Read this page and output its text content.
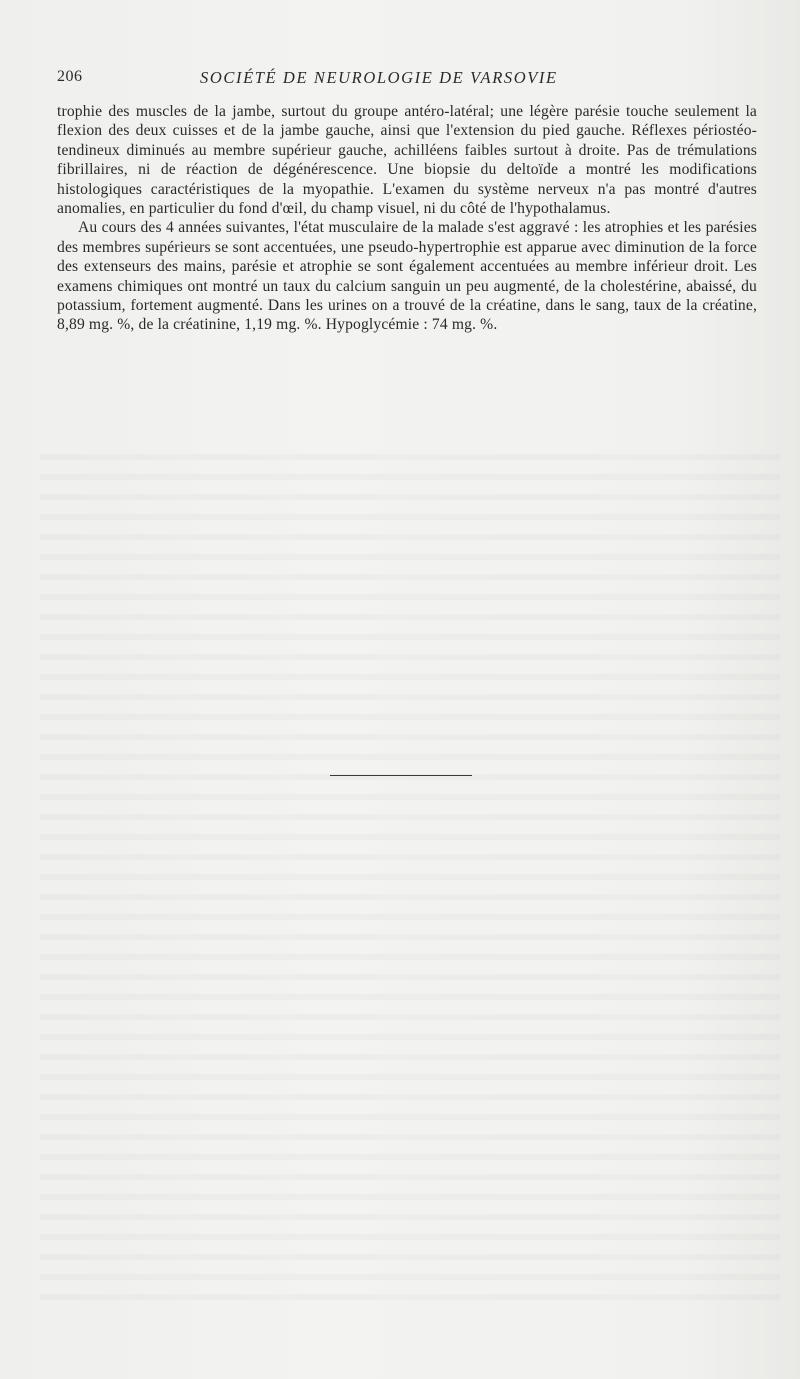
206	SOCIÉTÉ DE NEUROLOGIE DE VARSOVIE

trophie des muscles de la jambe, surtout du groupe antéro-latéral; une légère parésie touche seulement la flexion des deux cuisses et de la jambe gauche, ainsi que l'extension du pied gauche. Réflexes périostéo-tendineux diminués au membre supérieur gauche, achilléens faibles surtout à droite. Pas de trémulations fibrillaires, ni de réaction de dégénérescence. Une biopsie du deltoïde a montré les modifications histologiques caractéristiques de la myopathie. L'examen du système nerveux n'a pas montré d'autres anomalies, en particulier du fond d'œil, du champ visuel, ni du côté de l'hypothalamus.

Au cours des 4 années suivantes, l'état musculaire de la malade s'est aggravé : les atrophies et les parésies des membres supérieurs se sont accentuées, une pseudo-hypertrophie est apparue avec diminution de la force des extenseurs des mains, parésie et atrophie se sont également accentuées au membre inférieur droit. Les examens chimiques ont montré un taux du calcium sanguin un peu augmenté, de la cholestérine, abaissé, du potassium, fortement augmenté. Dans les urines on a trouvé de la créatine, dans le sang, taux de la créatine, 8,89 mg. %, de la créatinine, 1,19 mg. %. Hypoglycémie : 74 mg. %.
